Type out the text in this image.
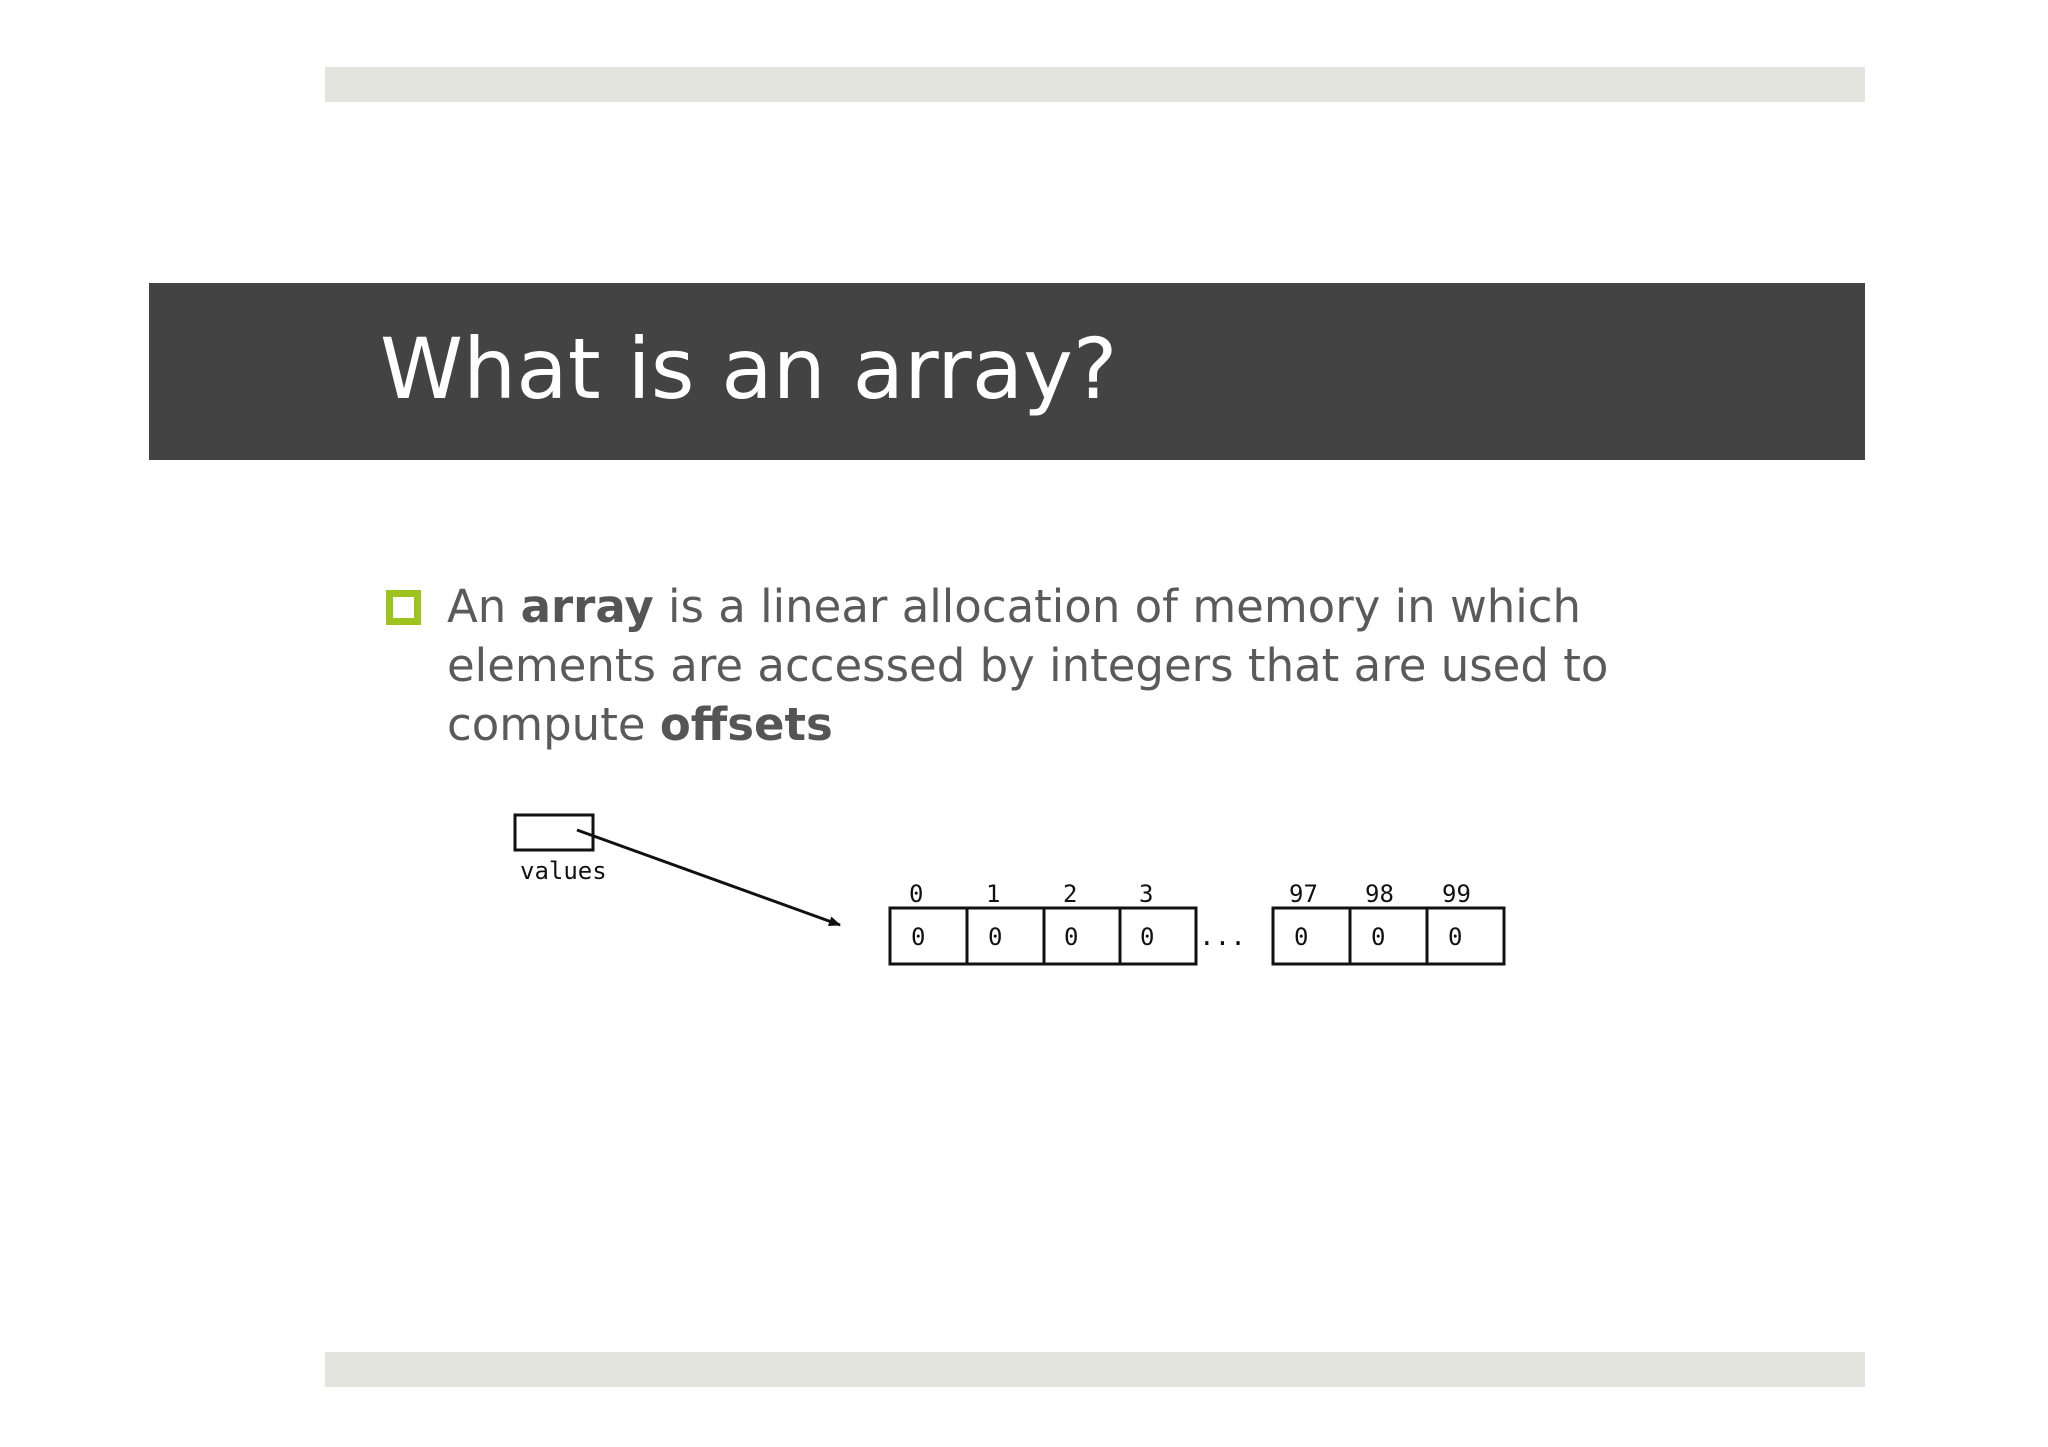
What is an array?

An array is a linear allocation of memory in which elements are accessed by integers that are used to compute offsets

values
0	1	2	3	97 98 99
0	0	0	0	0	0	0
...
